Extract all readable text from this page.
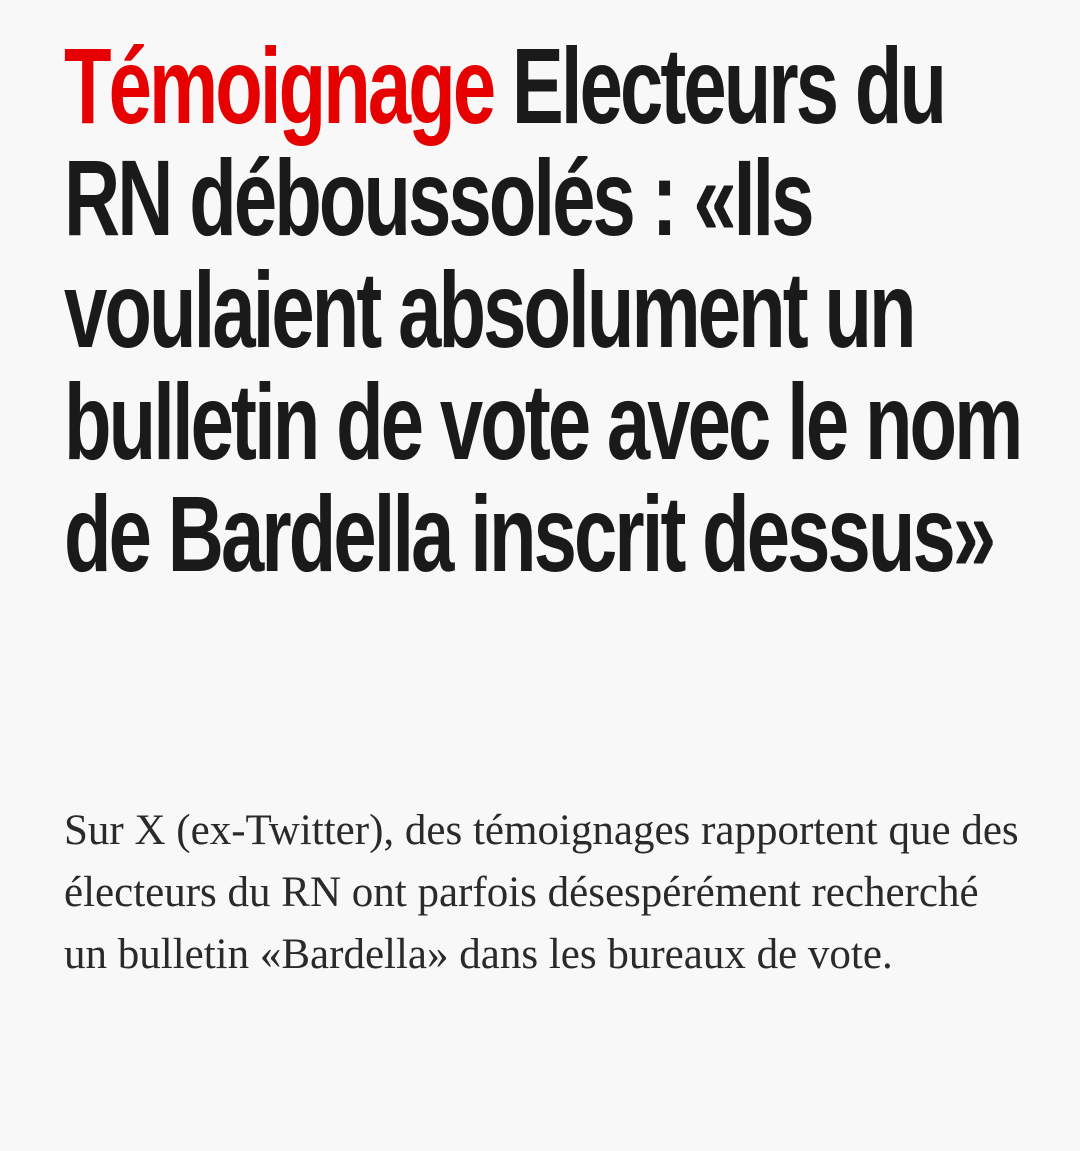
Témoignage Electeurs du RN déboussolés : «Ils voulaient absolument un bulletin de vote avec le nom de Bardella inscrit dessus»

Sur X (ex-Twitter), des témoignages rapportent que des électeurs du RN ont parfois désespérément recherché un bulletin «Bardella» dans les bureaux de vote.
